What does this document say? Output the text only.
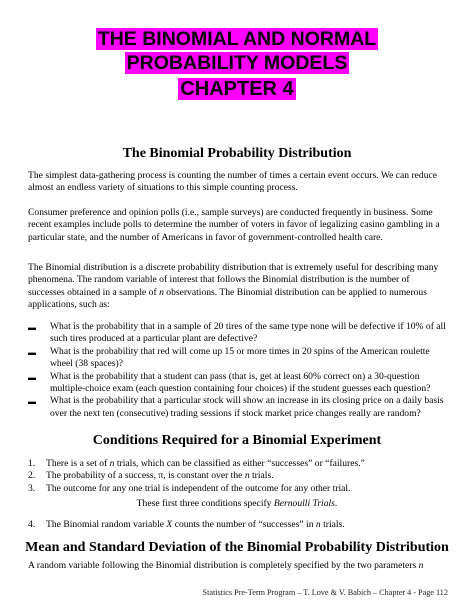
THE BINOMIAL AND NORMAL
PROBABILITY MODELS
CHAPTER 4
The Binomial Probability Distribution
The simplest data-gathering process is counting the number of times a certain event occurs. We can reduce almost an endless variety of situations to this simple counting process.
Consumer preference and opinion polls (i.e., sample surveys) are conducted frequently in business. Some recent examples include polls to determine the number of voters in favor of legalizing casino gambling in a particular state, and the number of Americans in favor of government-controlled health care.
The Binomial distribution is a discrete probability distribution that is extremely useful for describing many phenomena. The random variable of interest that follows the Binomial distribution is the number of successes obtained in a sample of n observations. The Binomial distribution can be applied to numerous applications, such as:
▬	What is the probability that in a sample of 20 tires of the same type none will be defective if 10% of all such tires produced at a particular plant are defective?
▬	What is the probability that red will come up 15 or more times in 20 spins of the American roulette wheel (38 spaces)?
▬	What is the probability that a student can pass (that is, get at least 60% correct on) a 30-question multiple-choice exam (each question containing four choices) if the student guesses each question?
▬	What is the probability that a particular stock will show an increase in its closing price on a daily basis over the next ten (consecutive) trading sessions if stock market price changes really are random?
Conditions Required for a Binomial Experiment
1.	There is a set of n trials, which can be classified as either “successes” or “failures.”
2.	The probability of a success, π, is constant over the n trials.
3.	The outcome for any one trial is independent of the outcome for any other trial.
These first three conditions specify Bernoulli Trials.
4.	The Binomial random variable X counts the number of “successes” in n trials.
Mean and Standard Deviation of the Binomial Probability Distribution
A random variable following the Binomial distribution is completely specified by the two parameters n
Statistics Pre-Term Program – T. Love & V. Babich – Chapter 4 - Page 112
